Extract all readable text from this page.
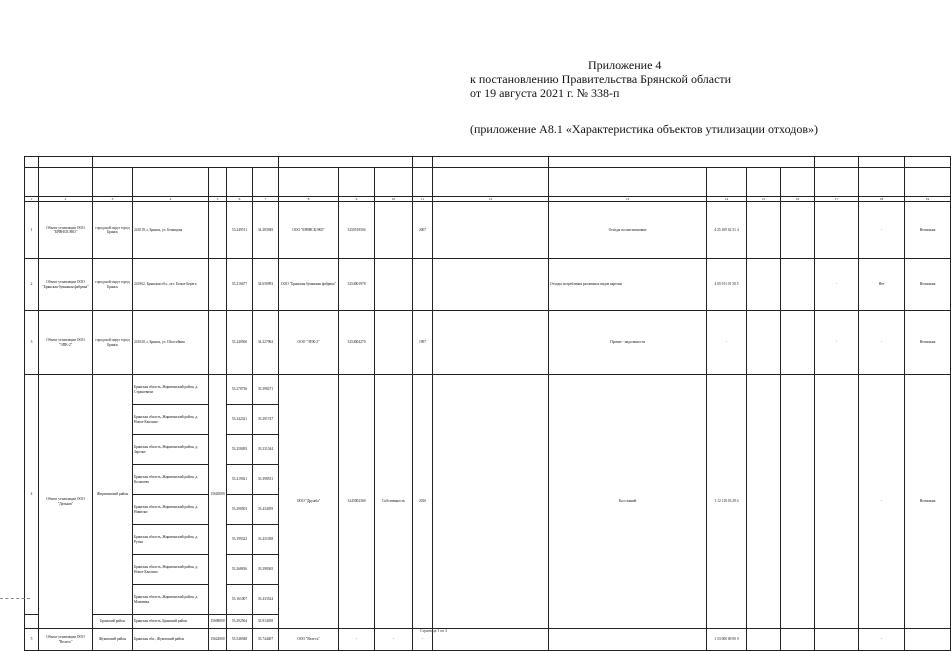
Приложение 4
к постановлению Правительства Брянской области
от 19 августа 2021 г. № 338-п
(приложение А8.1 «Характеристика объектов утилизации отходов»)

1	2	3	4	5	6	7	8	9	10	11	12	13	14	15	16	17	18	19
1	Объект утилизации ООО "БРЯНСКЭКО"	городской округ город Брянск	241019, г. Брянск, ул. Бежицкая		53.249511	34.383949	ООО "БРЯНСКЭКО"	3250519504		2007		Отходы полиэтиленовые	4 25 109 02 51 4				-	Возможна
2	Объект утилизации ООО "Брянская бумажная фабрика"	городской округ город Брянск	241902, Брянская обл., пгт. Белые Берега		53.216677	34.656993	ООО "Брянская бумажная фабрика"	3254001978				Отходы потребления различных видов картона	4 05 911 01 50 5			-	Нет	Возможна
3	Объект утилизации ООО "ЭПК-2"	городской округ город Брянск	241020, г. Брянск, ул. Шоссейная		53.240560	34.327962	ООО "ЭПК-2"	3254004270		1997		Прочие - надолжности	-			-	-	Возможна
4	Объект утилизации ООО "Дятьков"	Жирятинский район	Брянская область, Жирятинский район, д. Страшевичи	15620000	53.278736	33.398271	ООО "Дружба"	3245002360	Собственность	2016		Кал свиной	1 12 110 03 29 4				-	Возможна
			Брянская область, Жирятинский район, д. Новое Каплино		53.242321	33.391747												
			Брянская область, Жирятинский район, д. Заречье		53.258495	33.331344												
			Брянская область, Жирятинский район, д. Колычево		53.219021	33.398531												
			Брянская область, Жирятинский район, д. Никитки		53.298503	33.434059												
			Брянская область, Жирятинский район, д. Рутня		53.199323	33.431038												
			Брянская область, Жирятинский район, д. Новое Каплино		53.268816	33.398365												
			Брянская область, Жирятинский район, д. Мамаевка		53.161007	33.433524												
		Брянский район	Брянская область, Брянский район	15608000	53.292564	33.914458												
5	Объект утилизации ООО "Велесъ"	Жуковский район	Брянская обл., Жуковский район	15622000	53.546948	33.744407	ООО "Велесъ"	-	-	-			1 53 000 00 00 0				-	
Страница 1 из 3
